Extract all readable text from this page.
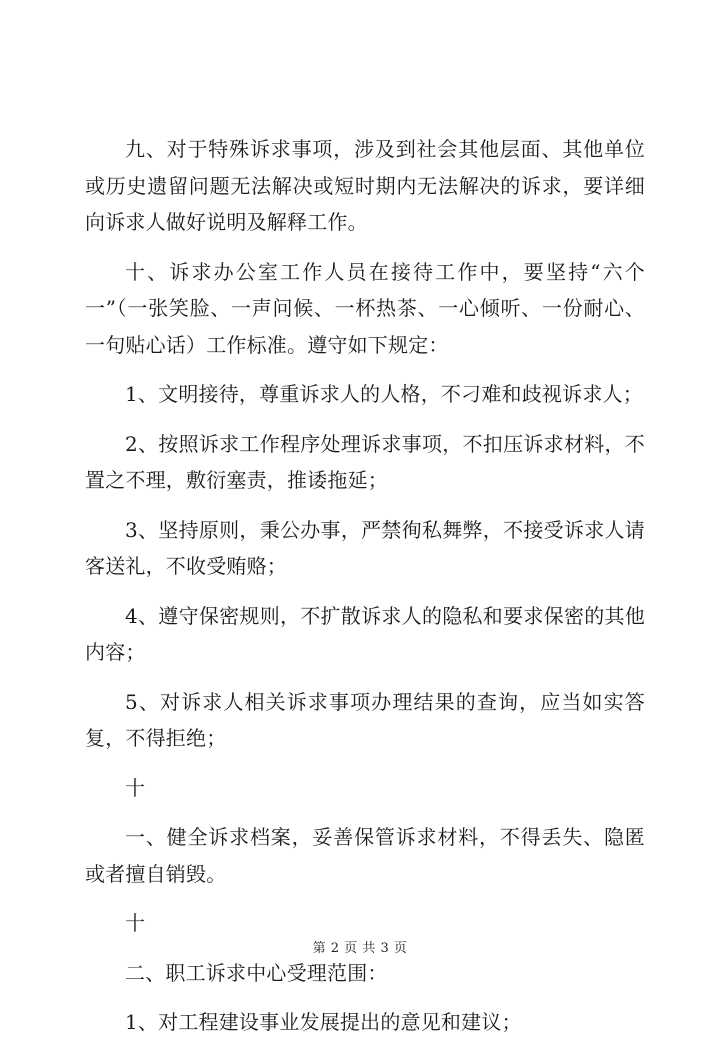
九、对于特殊诉求事项，涉及到社会其他层面、其他单位或历史遗留问题无法解决或短时期内无法解决的诉求，要详细向诉求人做好说明及解释工作。

十、诉求办公室工作人员在接待工作中，要坚持“六个一”（一张笑脸、一声问候、一杯热茶、一心倾听、一份耐心、一句贴心话）工作标准。遵守如下规定：

1、文明接待，尊重诉求人的人格，不刁难和歧视诉求人；

2、按照诉求工作程序处理诉求事项，不扣压诉求材料，不置之不理，敷衍塞责，推诿拖延；

3、坚持原则，秉公办事，严禁徇私舞弊，不接受诉求人请客送礼，不收受贿赂；

4、遵守保密规则，不扩散诉求人的隐私和要求保密的其他内容；

5、对诉求人相关诉求事项办理结果的查询，应当如实答复，不得拒绝；

十

一、健全诉求档案，妥善保管诉求材料，不得丢失、隐匿或者擅自销毁。

十

二、职工诉求中心受理范围：

1、对工程建设事业发展提出的意见和建议；

第 2 页 共 3 页
